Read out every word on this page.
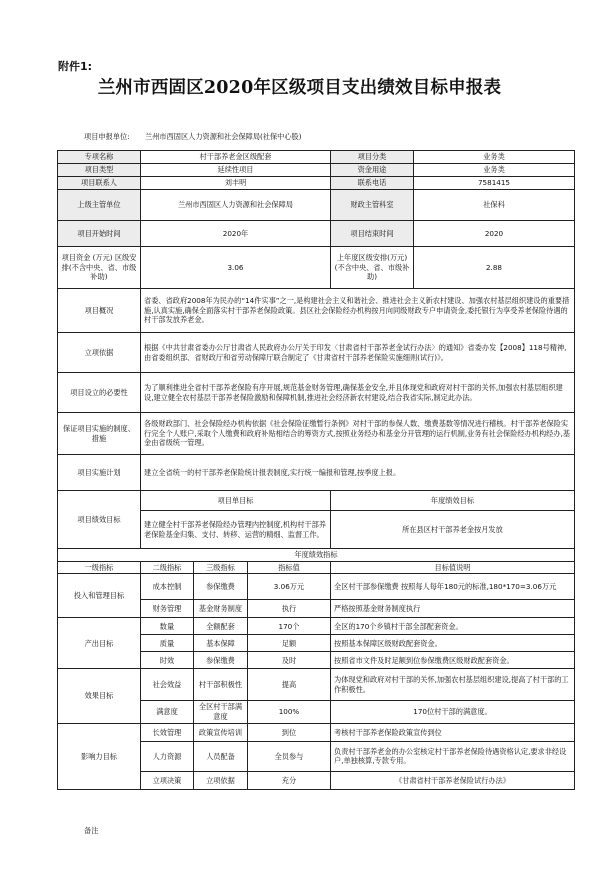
附件1:
兰州市西固区2020年区级项目支出绩效目标申报表
项目申报单位: 兰州市西固区人力资源和社会保障局(社保中心股)
专项名称	村干部养老金区级配套			项目分类	业务类
项目类型	延续性项目			资金用途	业务类
项目联系人	刘丰明			联系电话	7581415
上级主管单位	兰州市西固区人力资源和社会保障局			财政主管科室	社保科
项目开始时间	2020年			项目结束时间	2020
项目资金 (万元) 区级安排(不含中央、省、市级补助)	3.06			上年度区级安排(万元)(不含中央、省、市级补助)	2.88
项目概况	省委、省政府2008年为民办的“14件实事”之一,是构建社会主义和谐社会、推进社会主义新农村建设、加强农村基层组织建设的重要措施,认真实施,确保全面落实村干部养老保险政策。县区社会保险经办机构按月向同级财政专户申请资金,委托银行为享受养老保险待遇的村干部发放养老金。				
立项依据	根据《中共甘肃省委办公厅甘肃省人民政府办公厅关于印发〈甘肃省村干部养老金试行办法〉的通知》省委办发【2008】118号精神,由省委组织部、省财政厅和省劳动保障厅联合制定了《甘肃省村干部养老保险实施细则(试行)》。				
项目设立的必要性	为了顺利推进全省村干部养老保险有序开展,规范基金财务管理,确保基金安全,并且体现党和政府对村干部的关怀,加强农村基层组织建设,建立健全农村基层干部养老保险激励和保障机制,推进社会经济新农村建设,结合我省实际,制定此办法。				
保证项目实施的制度、措施	各级财政部门、社会保险经办机构依据《社会保险征缴暂行条例》对村干部的参保人数、缴费基数等情况进行稽核。村干部养老保险实行完全个人账户,采取个人缴费和政府补贴相结合的筹资方式,按照业务经办和基金分开管理的运行机制,业务有社会保险经办机构经办,基金由省级统一管理。				
项目实施计划	建立全省统一的村干部养老保险统计报表制度,实行统一编报和管理,按季度上报。				
项目绩效目标	项目单目标			年度绩效目标	
	建立健全村干部养老保险经办管理内控制度,机构村干部养老保险基金归集、支付、转移、运营的精细、监督工作。			所在县区村干部养老金按月发放	
年度绩效指标					
一级指标	二级指标	三级指标	指标值	目标值说明	
投入和管理目标	成本控制	参保缴费	3.06万元	全区村干部参保缴费 按照每人每年180元的标准,180*170=3.06万元	
	财务管理	基金财务制度	执行	严格按照基金财务制度执行	
产出目标	数量	全额配套	170个	全区的170个乡镇村干部全部配套资金。	
	质量	基本保障	足额	按照基本保障区级财政配套资金。	
	时效	参保缴费	及时	按照省市文件及时足额到位参保缴费区级财政配套资金。	
效果目标	社会效益	村干部积极性	提高	为体现党和政府对村干部的关怀,加强农村基层组织建设,提高了村干部的工作积极性。	
	满意度	全区村干部满意度	100%	170位村干部的满意度。	
影响力目标	长效管理	政策宣传培训	到位	考核村干部养老保险政策宣传到位	
	人力资源	人员配备	全员参与	负责村干部养老金的办公室核定村干部养老保险待遇资格认定,要求非经设户,单独核算,专款专用。	
	立项决策	立项依据	充分	《甘肃省村干部养老保险试行办法》	
备注
